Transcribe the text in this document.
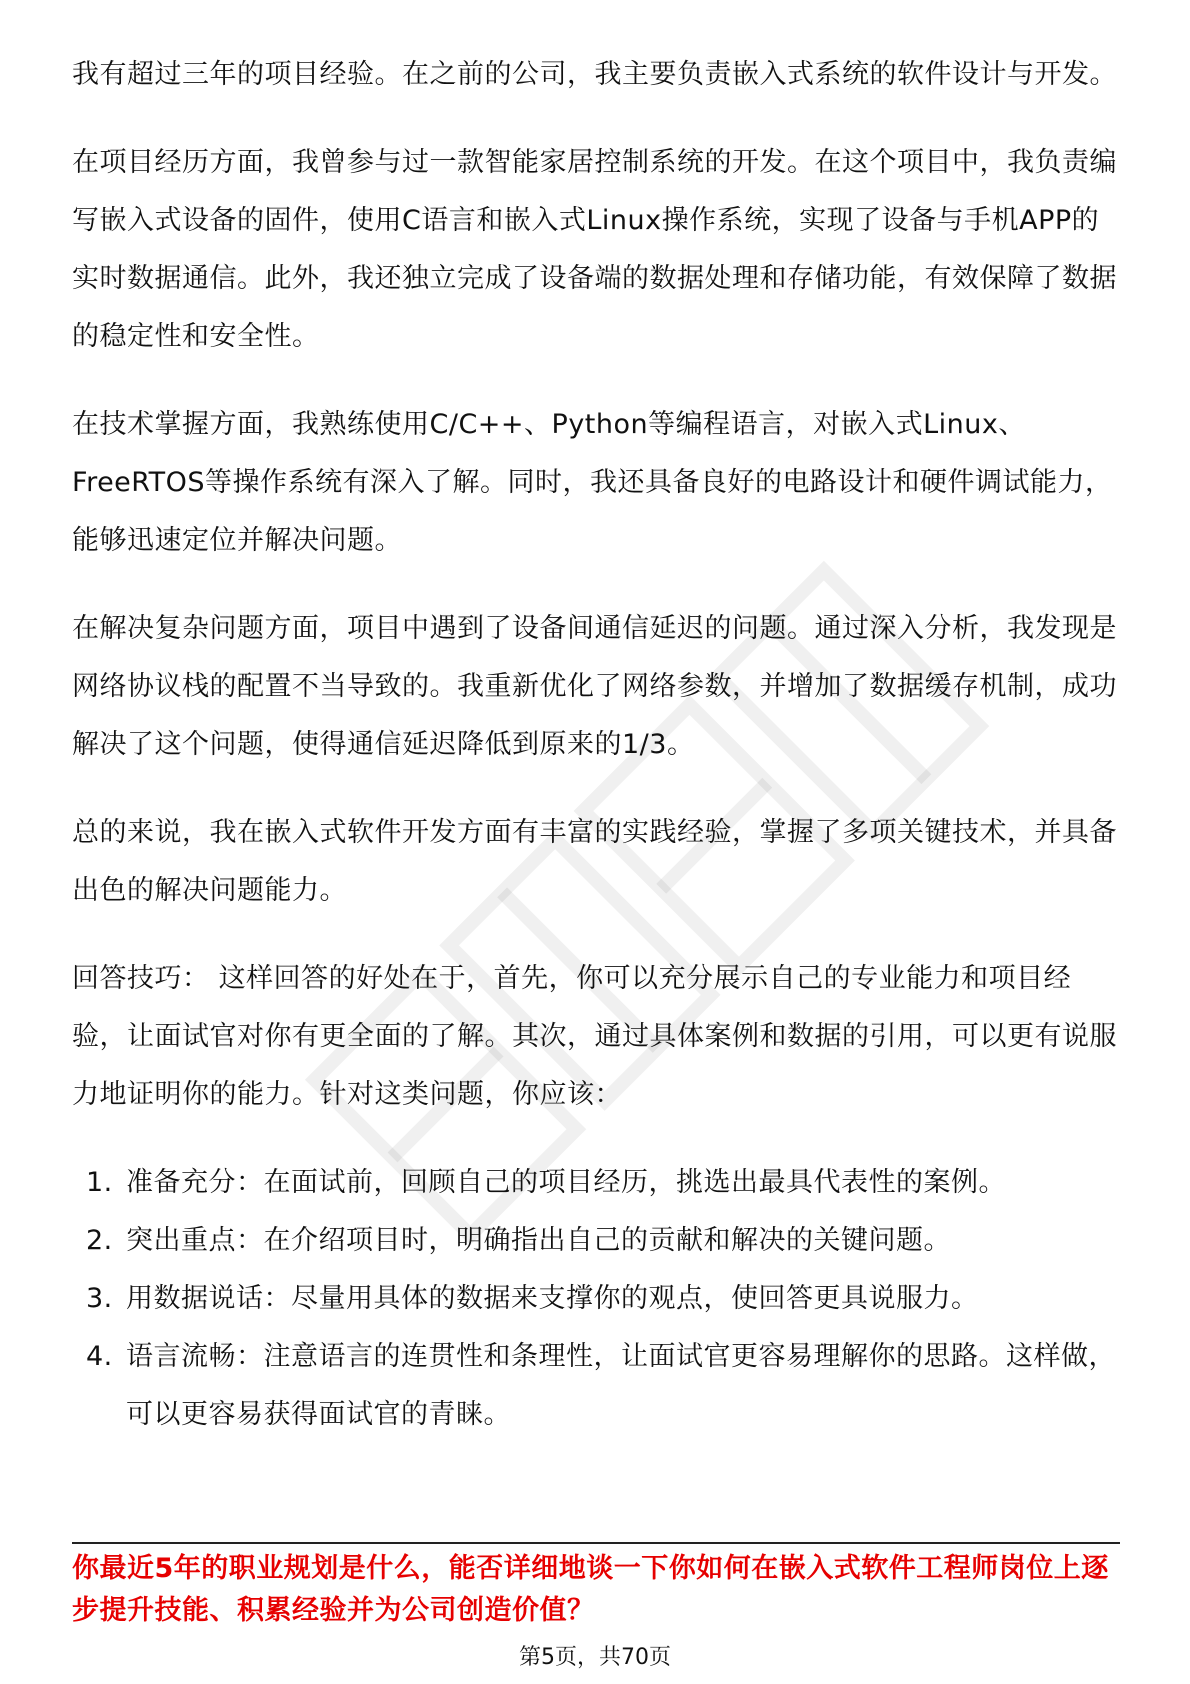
我有超过三年的项目经验。在之前的公司，我主要负责嵌入式系统的软件设计与开发。

在项目经历方面，我曾参与过一款智能家居控制系统的开发。在这个项目中，我负责编写嵌入式设备的固件，使用C语言和嵌入式Linux操作系统，实现了设备与手机APP的实时数据通信。此外，我还独立完成了设备端的数据处理和存储功能，有效保障了数据的稳定性和安全性。

在技术掌握方面，我熟练使用C/C++、Python等编程语言，对嵌入式Linux、FreeRTOS等操作系统有深入了解。同时，我还具备良好的电路设计和硬件调试能力，能够迅速定位并解决问题。

在解决复杂问题方面，项目中遇到了设备间通信延迟的问题。通过深入分析，我发现是网络协议栈的配置不当导致的。我重新优化了网络参数，并增加了数据缓存机制，成功解决了这个问题，使得通信延迟降低到原来的1/3。

总的来说，我在嵌入式软件开发方面有丰富的实践经验，掌握了多项关键技术，并具备出色的解决问题能力。

回答技巧： 这样回答的好处在于，首先，你可以充分展示自己的专业能力和项目经验，让面试官对你有更全面的了解。其次，通过具体案例和数据的引用，可以更有说服力地证明你的能力。针对这类问题，你应该：

1. 准备充分：在面试前，回顾自己的项目经历，挑选出最具代表性的案例。
2. 突出重点：在介绍项目时，明确指出自己的贡献和解决的关键问题。
3. 用数据说话：尽量用具体的数据来支撑你的观点，使回答更具说服力。
4. 语言流畅：注意语言的连贯性和条理性，让面试官更容易理解你的思路。这样做，可以更容易获得面试官的青睐。
你最近5年的职业规划是什么，能否详细地谈一下你如何在嵌入式软件工程师岗位上逐步提升技能、积累经验并为公司创造价值？
第5页，共70页
